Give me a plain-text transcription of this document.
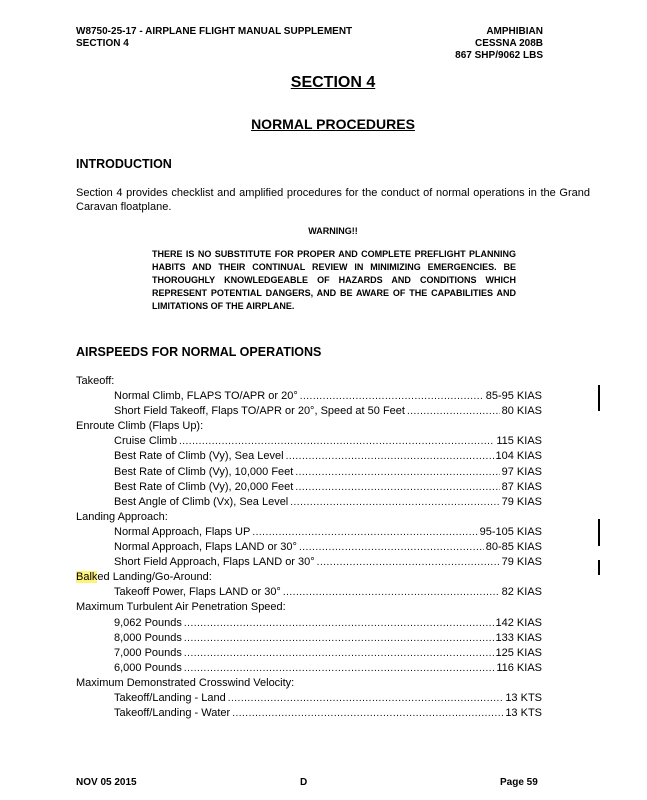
W8750-25-17 - AIRPLANE FLIGHT MANUAL SUPPLEMENT
SECTION 4
AMPHIBIAN
CESSNA 208B
867 SHP/9062 LBS
SECTION 4
NORMAL PROCEDURES
INTRODUCTION
Section 4 provides checklist and amplified procedures for the conduct of normal operations in the Grand Caravan floatplane.
WARNING!!
THERE IS NO SUBSTITUTE FOR PROPER AND COMPLETE PREFLIGHT PLANNING HABITS AND THEIR CONTINUAL REVIEW IN MINIMIZING EMERGENCIES. BE THOROUGHLY KNOWLEDGEABLE OF HAZARDS AND CONDITIONS WHICH REPRESENT POTENTIAL DANGERS, AND BE AWARE OF THE CAPABILITIES AND LIMITATIONS OF THE AIRPLANE.
AIRSPEEDS FOR NORMAL OPERATIONS
Takeoff:
Normal Climb, FLAPS TO/APR or 20° .....	85-95 KIAS
Short Field Takeoff, Flaps TO/APR or 20°, Speed at 50 Feet .....	80 KIAS
Enroute Climb (Flaps Up):
Cruise Climb .....	115 KIAS
Best Rate of Climb (Vy), Sea Level .....	104 KIAS
Best Rate of Climb (Vy), 10,000 Feet .....	97 KIAS
Best Rate of Climb (Vy), 20,000 Feet .....	87 KIAS
Best Angle of Climb (Vx), Sea Level .....	79 KIAS
Landing Approach:
Normal Approach, Flaps UP .....	95-105 KIAS
Normal Approach, Flaps LAND or 30° .....	80-85 KIAS
Short Field Approach, Flaps LAND or 30° .....	79 KIAS
Balked Landing/Go-Around:
Takeoff Power, Flaps LAND or 30° .....	82 KIAS
Maximum Turbulent Air Penetration Speed:
9,062 Pounds .....	142 KIAS
8,000 Pounds .....	133 KIAS
7,000 Pounds .....	125 KIAS
6,000 Pounds .....	116 KIAS
Maximum Demonstrated Crosswind Velocity:
Takeoff/Landing - Land .....	13 KTS
Takeoff/Landing - Water .....	13 KTS
NOV 05 2015	D	Page 59
